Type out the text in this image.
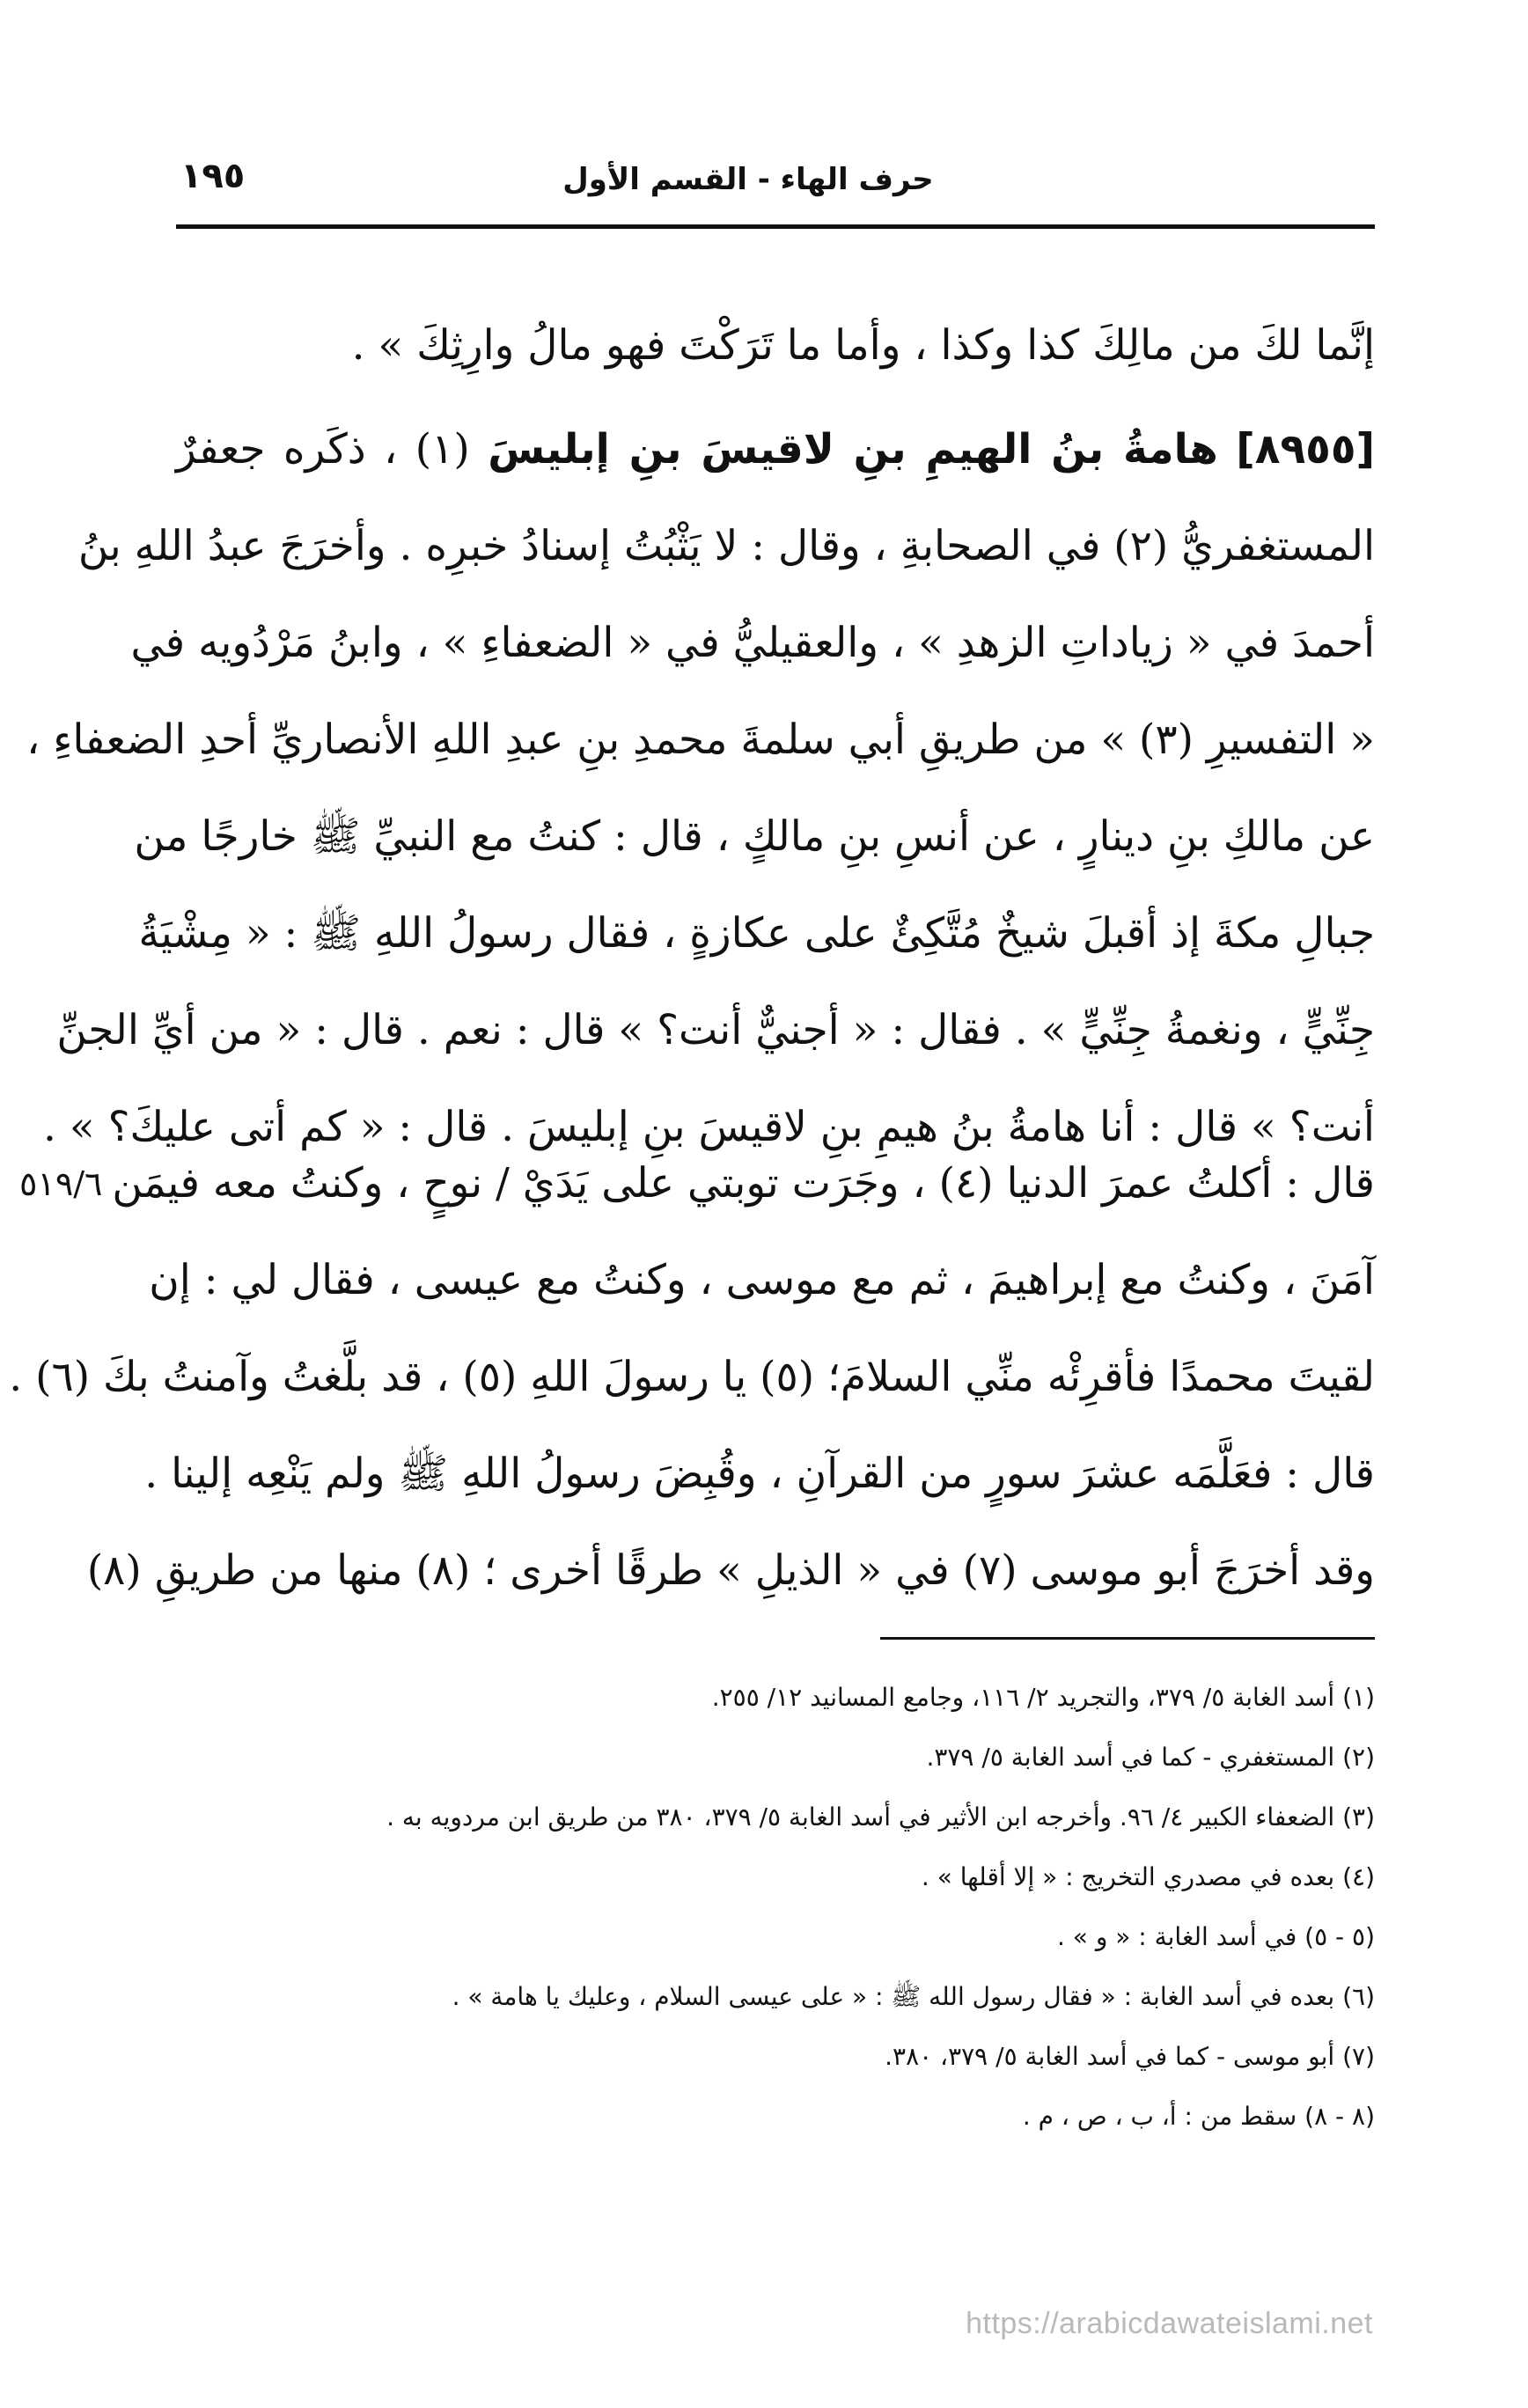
حرف الهاء - القسم الأول
١٩٥
إنَّما لكَ من مالِكَ كذا وكذا ، وأما ما تَرَكْتَ فهو مالُ وارِثِكَ » .
[٨٩٥٥] هامةُ بنُ الهيمِ بنِ لاقيسَ بنِ إبليسَ (١) ، ذكَره جعفرٌ
المستغفريُّ (٢) في الصحابةِ ، وقال : لا يَثْبُتُ إسنادُ خبرِه . وأخرَجَ عبدُ اللهِ بنُ
أحمدَ في « زياداتِ الزهدِ » ، والعقيليُّ في « الضعفاءِ » ، وابنُ مَرْدُويه في
« التفسيرِ (٣) » من طريقِ أبي سلمةَ محمدِ بنِ عبدِ اللهِ الأنصاريِّ أحدِ الضعفاءِ ،
عن مالكِ بنِ دينارٍ ، عن أنسِ بنِ مالكٍ ، قال : كنتُ مع النبيِّ ﷺ خارجًا من
جبالِ مكةَ إذ أقبلَ شيخٌ مُتَّكِئٌ على عكازةٍ ، فقال رسولُ اللهِ ﷺ : « مِشْيَةُ
جِنِّيٍّ ، ونغمةُ جِنِّيٍّ » . فقال : « أجنيٌّ أنت؟ » قال : نعم . قال : « من أيِّ الجنِّ
أنت؟ » قال : أنا هامةُ بنُ هيمِ بنِ لاقيسَ بنِ إبليسَ . قال : « كم أتى عليكَ؟ » .
قال : أكلتُ عمرَ الدنيا (٤) ، وجَرَت توبتي على يَدَيْ / نوحٍ ، وكنتُ معه فيمَن
آمَنَ ، وكنتُ مع إبراهيمَ ، ثم مع موسى ، وكنتُ مع عيسى ، فقال لي : إن
لقيتَ محمدًا فأقرِئْه منِّي السلامَ؛ (٥) يا رسولَ اللهِ (٥) ، قد بلَّغتُ وآمنتُ بكَ (٦) .
قال : فعَلَّمَه عشرَ سورٍ من القرآنِ ، وقُبِضَ رسولُ اللهِ ﷺ ولم يَنْعِه إلينا .
وقد أخرَجَ أبو موسى (٧) في « الذيلِ » طرقًا أخرى ؛ (٨) منها من طريقِ (٨)
٥١٩/٦
(١) أسد الغابة ٥/ ٣٧٩، والتجريد ٢/ ١١٦، وجامع المسانيد ١٢/ ٢٥٥.
(٢) المستغفري - كما في أسد الغابة ٥/ ٣٧٩.
(٣) الضعفاء الكبير ٤/ ٩٦. وأخرجه ابن الأثير في أسد الغابة ٥/ ٣٧٩، ٣٨٠ من طريق ابن مردويه به .
(٤) بعده في مصدري التخريج : « إلا أقلها » .
(٥ - ٥) في أسد الغابة : « و » .
(٦) بعده في أسد الغابة : « فقال رسول الله ﷺ : « على عيسى السلام ، وعليك يا هامة » .
(٧) أبو موسى - كما في أسد الغابة ٥/ ٣٧٩، ٣٨٠.
(٨ - ٨) سقط من : أ، ب ، ص ، م .
https://arabicdawateislami.net
